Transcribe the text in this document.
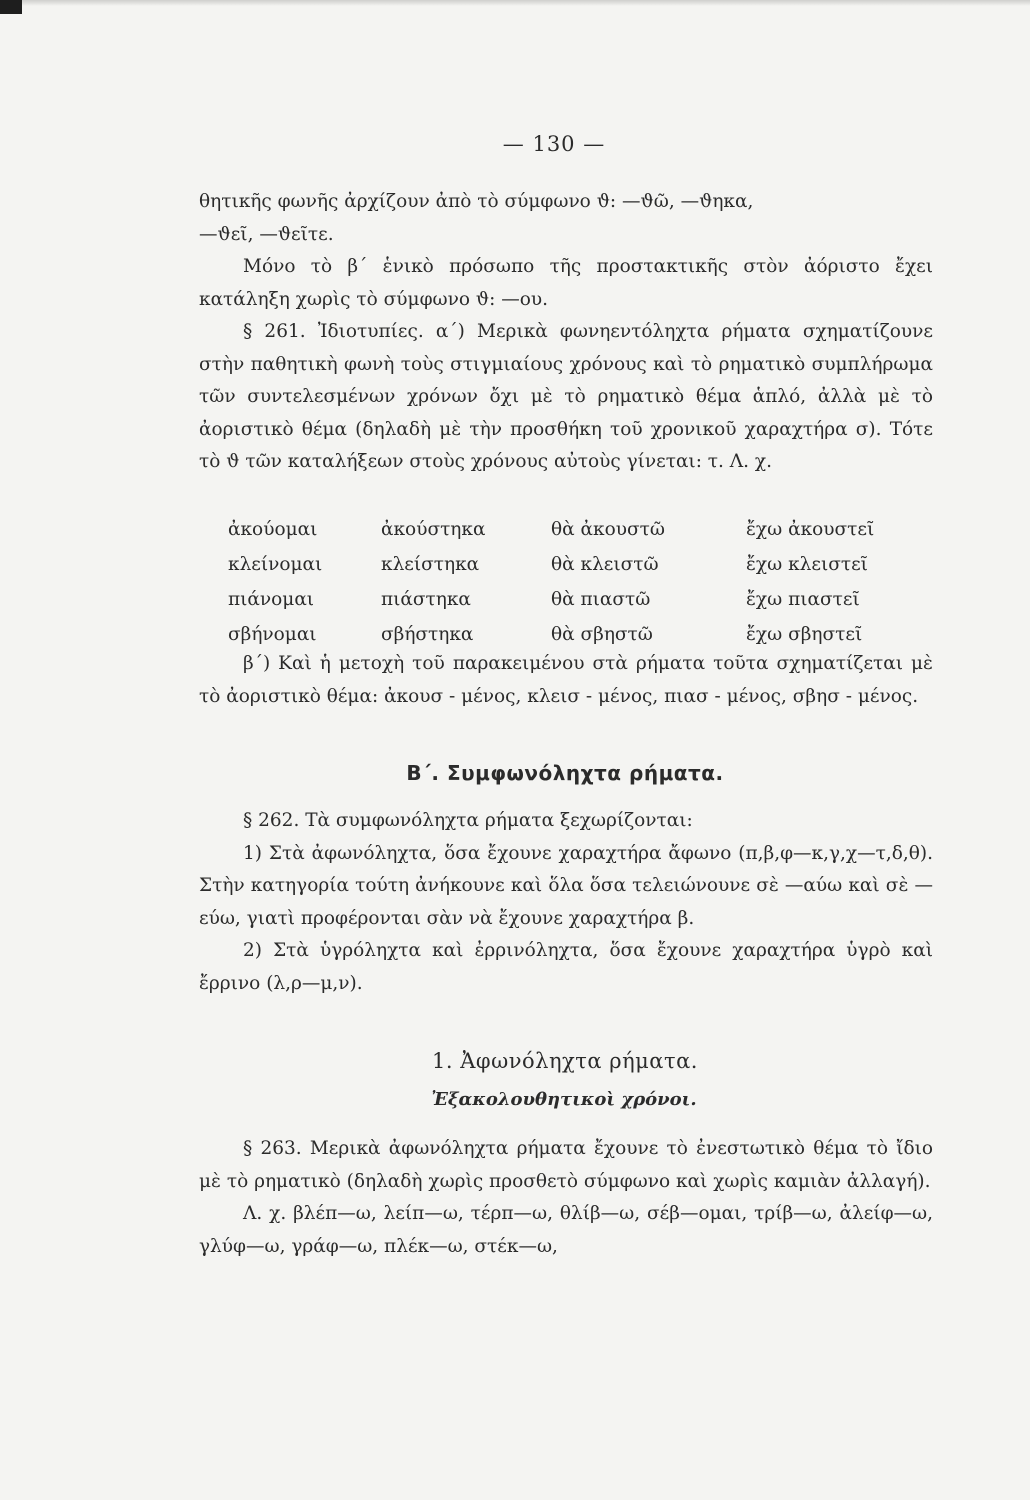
— 130 —

θητικῆς φωνῆς ἀρχίζουν ἀπὸ τὸ σύμφωνο ϑ: —ϑῶ, —ϑηκα,

—ϑεῖ, —ϑεῖτε.

Μόνο τὸ β΄ ἑνικὸ πρόσωπο τῆς προστακτικῆς στὸν ἀόριστο ἔχει κατάληξη χωρὶς τὸ σύμφωνο ϑ: —ου.

§ 261. Ἰδιοτυπίες. α΄) Μερικὰ φωνηεντόληχτα ρήματα σχηματίζουνε στὴν παθητικὴ φωνὴ τοὺς στιγμιαίους χρόνους καὶ τὸ ρηματικὸ συμπλήρωμα τῶν συντελεσμένων χρόνων ὄχι μὲ τὸ ρηματικὸ θέμα ἁπλό, ἀλλὰ μὲ τὸ ἀοριστικὸ θέμα (δηλαδὴ μὲ τὴν προσθήκη τοῦ χρονικοῦ χαραχτήρα σ). Τότε τὸ ϑ τῶν καταλήξεων στοὺς χρόνους αὐτοὺς γίνεται: τ. Λ. χ.

ἀκούομαι	ἀκούστηκα	θὰ ἀκουστῶ	ἔχω ἀκουστεῖ
κλείνομαι	κλείστηκα	θὰ κλειστῶ	ἔχω κλειστεῖ
πιάνομαι	πιάστηκα	θὰ πιαστῶ	ἔχω πιαστεῖ
σβήνομαι	σβήστηκα	θὰ σβηστῶ	ἔχω σβηστεῖ

β΄) Καὶ ἡ μετοχὴ τοῦ παρακειμένου στὰ ρήματα τοῦτα σχηματίζεται μὲ τὸ ἀοριστικὸ θέμα: ἀκουσ - μένος, κλεισ - μένος, πιασ - μένος, σβησ - μένος.

Β΄. Συμφωνόληχτα ρήματα.

§ 262. Τὰ συμφωνόληχτα ρήματα ξεχωρίζονται:

1) Στὰ ἀφωνόληχτα, ὅσα ἔχουνε χαραχτήρα ἄφωνο (π,β,φ—κ,γ,χ—τ,δ,θ). Στὴν κατηγορία τούτη ἀνήκουνε καὶ ὅλα ὅσα τελειώνουνε σὲ —αύω καὶ σὲ —εύω, γιατὶ προφέρονται σὰν νὰ ἔχουνε χαραχτήρα β.

2) Στὰ ὑγρόληχτα καὶ ἐρρινόληχτα, ὅσα ἔχουνε χαραχτήρα ὑγρὸ καὶ ἔρρινο (λ,ρ—μ,ν).

1. Ἀφωνόληχτα ρήματα.
Ἐξακολουθητικοὶ χρόνοι.

§ 263. Μερικὰ ἀφωνόληχτα ρήματα ἔχουνε τὸ ἐνεστωτικὸ θέμα τὸ ἴδιο μὲ τὸ ρηματικὸ (δηλαδὴ χωρὶς προσθετὸ σύμφωνο καὶ χωρὶς καμιὰν ἀλλαγή).

Λ. χ. βλέπ—ω, λείπ—ω, τέρπ—ω, θλίβ—ω, σέβ—ομαι, τρίβ—ω, ἀλείφ—ω, γλύφ—ω, γράφ—ω, πλέκ—ω, στέκ—ω,
